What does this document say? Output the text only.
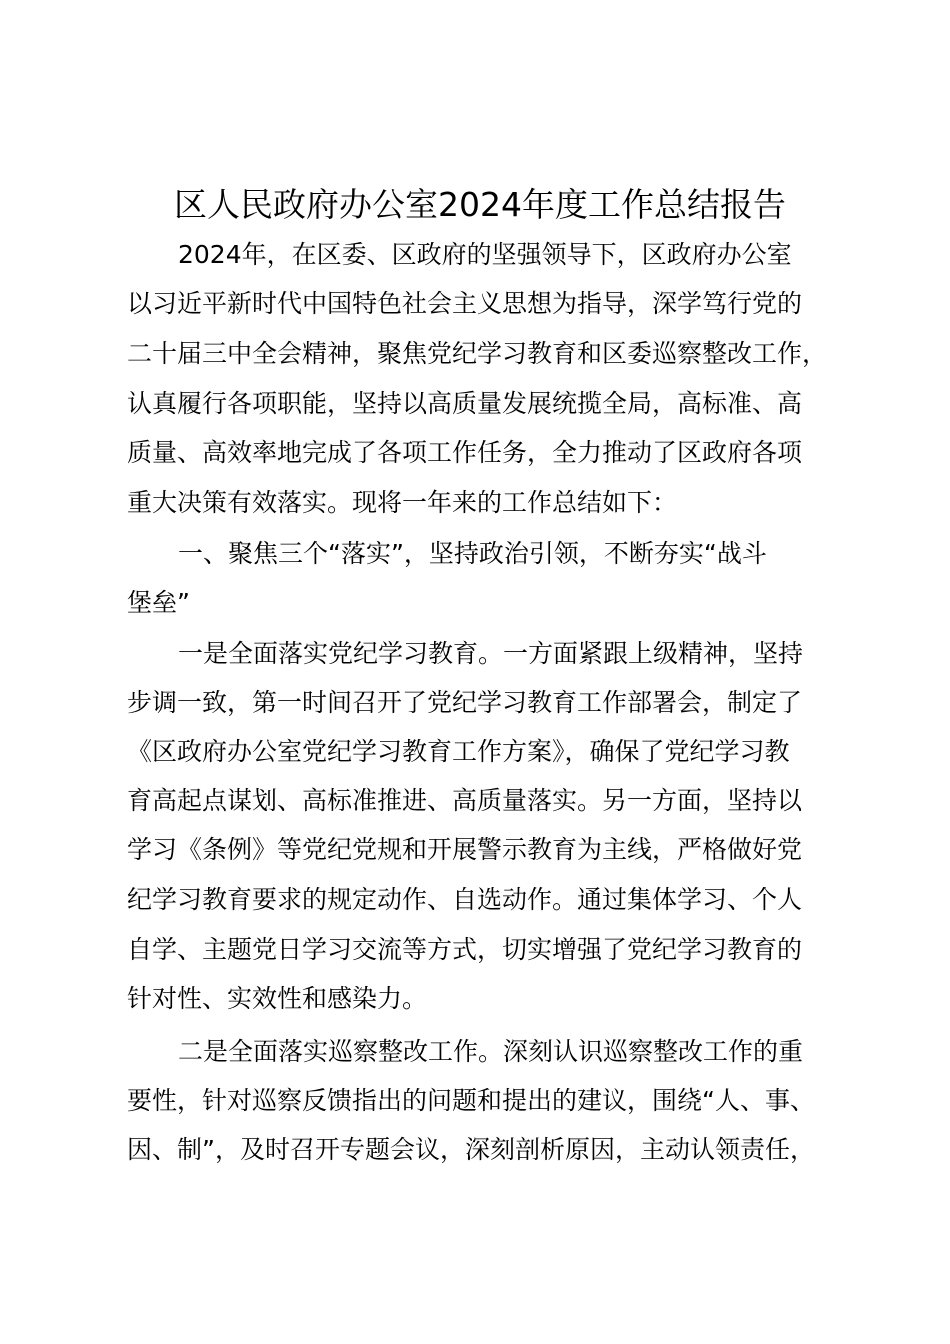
区人民政府办公室2024年度工作总结报告
2024年，在区委、区政府的坚强领导下，区政府办公室
以习近平新时代中国特色社会主义思想为指导，深学笃行党的
二十届三中全会精神，聚焦党纪学习教育和区委巡察整改工作，
认真履行各项职能，坚持以高质量发展统揽全局，高标准、高
质量、高效率地完成了各项工作任务，全力推动了区政府各项
重大决策有效落实。现将一年来的工作总结如下：
一、聚焦三个“落实”，坚持政治引领，不断夯实“战斗
堡垒”
一是全面落实党纪学习教育。一方面紧跟上级精神，坚持
步调一致，第一时间召开了党纪学习教育工作部署会，制定了
《区政府办公室党纪学习教育工作方案》，确保了党纪学习教
育高起点谋划、高标准推进、高质量落实。另一方面，坚持以
学习《条例》等党纪党规和开展警示教育为主线，严格做好党
纪学习教育要求的规定动作、自选动作。通过集体学习、个人
自学、主题党日学习交流等方式，切实增强了党纪学习教育的
针对性、实效性和感染力。
二是全面落实巡察整改工作。深刻认识巡察整改工作的重
要性，针对巡察反馈指出的问题和提出的建议，围绕“人、事、
因、制”，及时召开专题会议，深刻剖析原因，主动认领责任，
